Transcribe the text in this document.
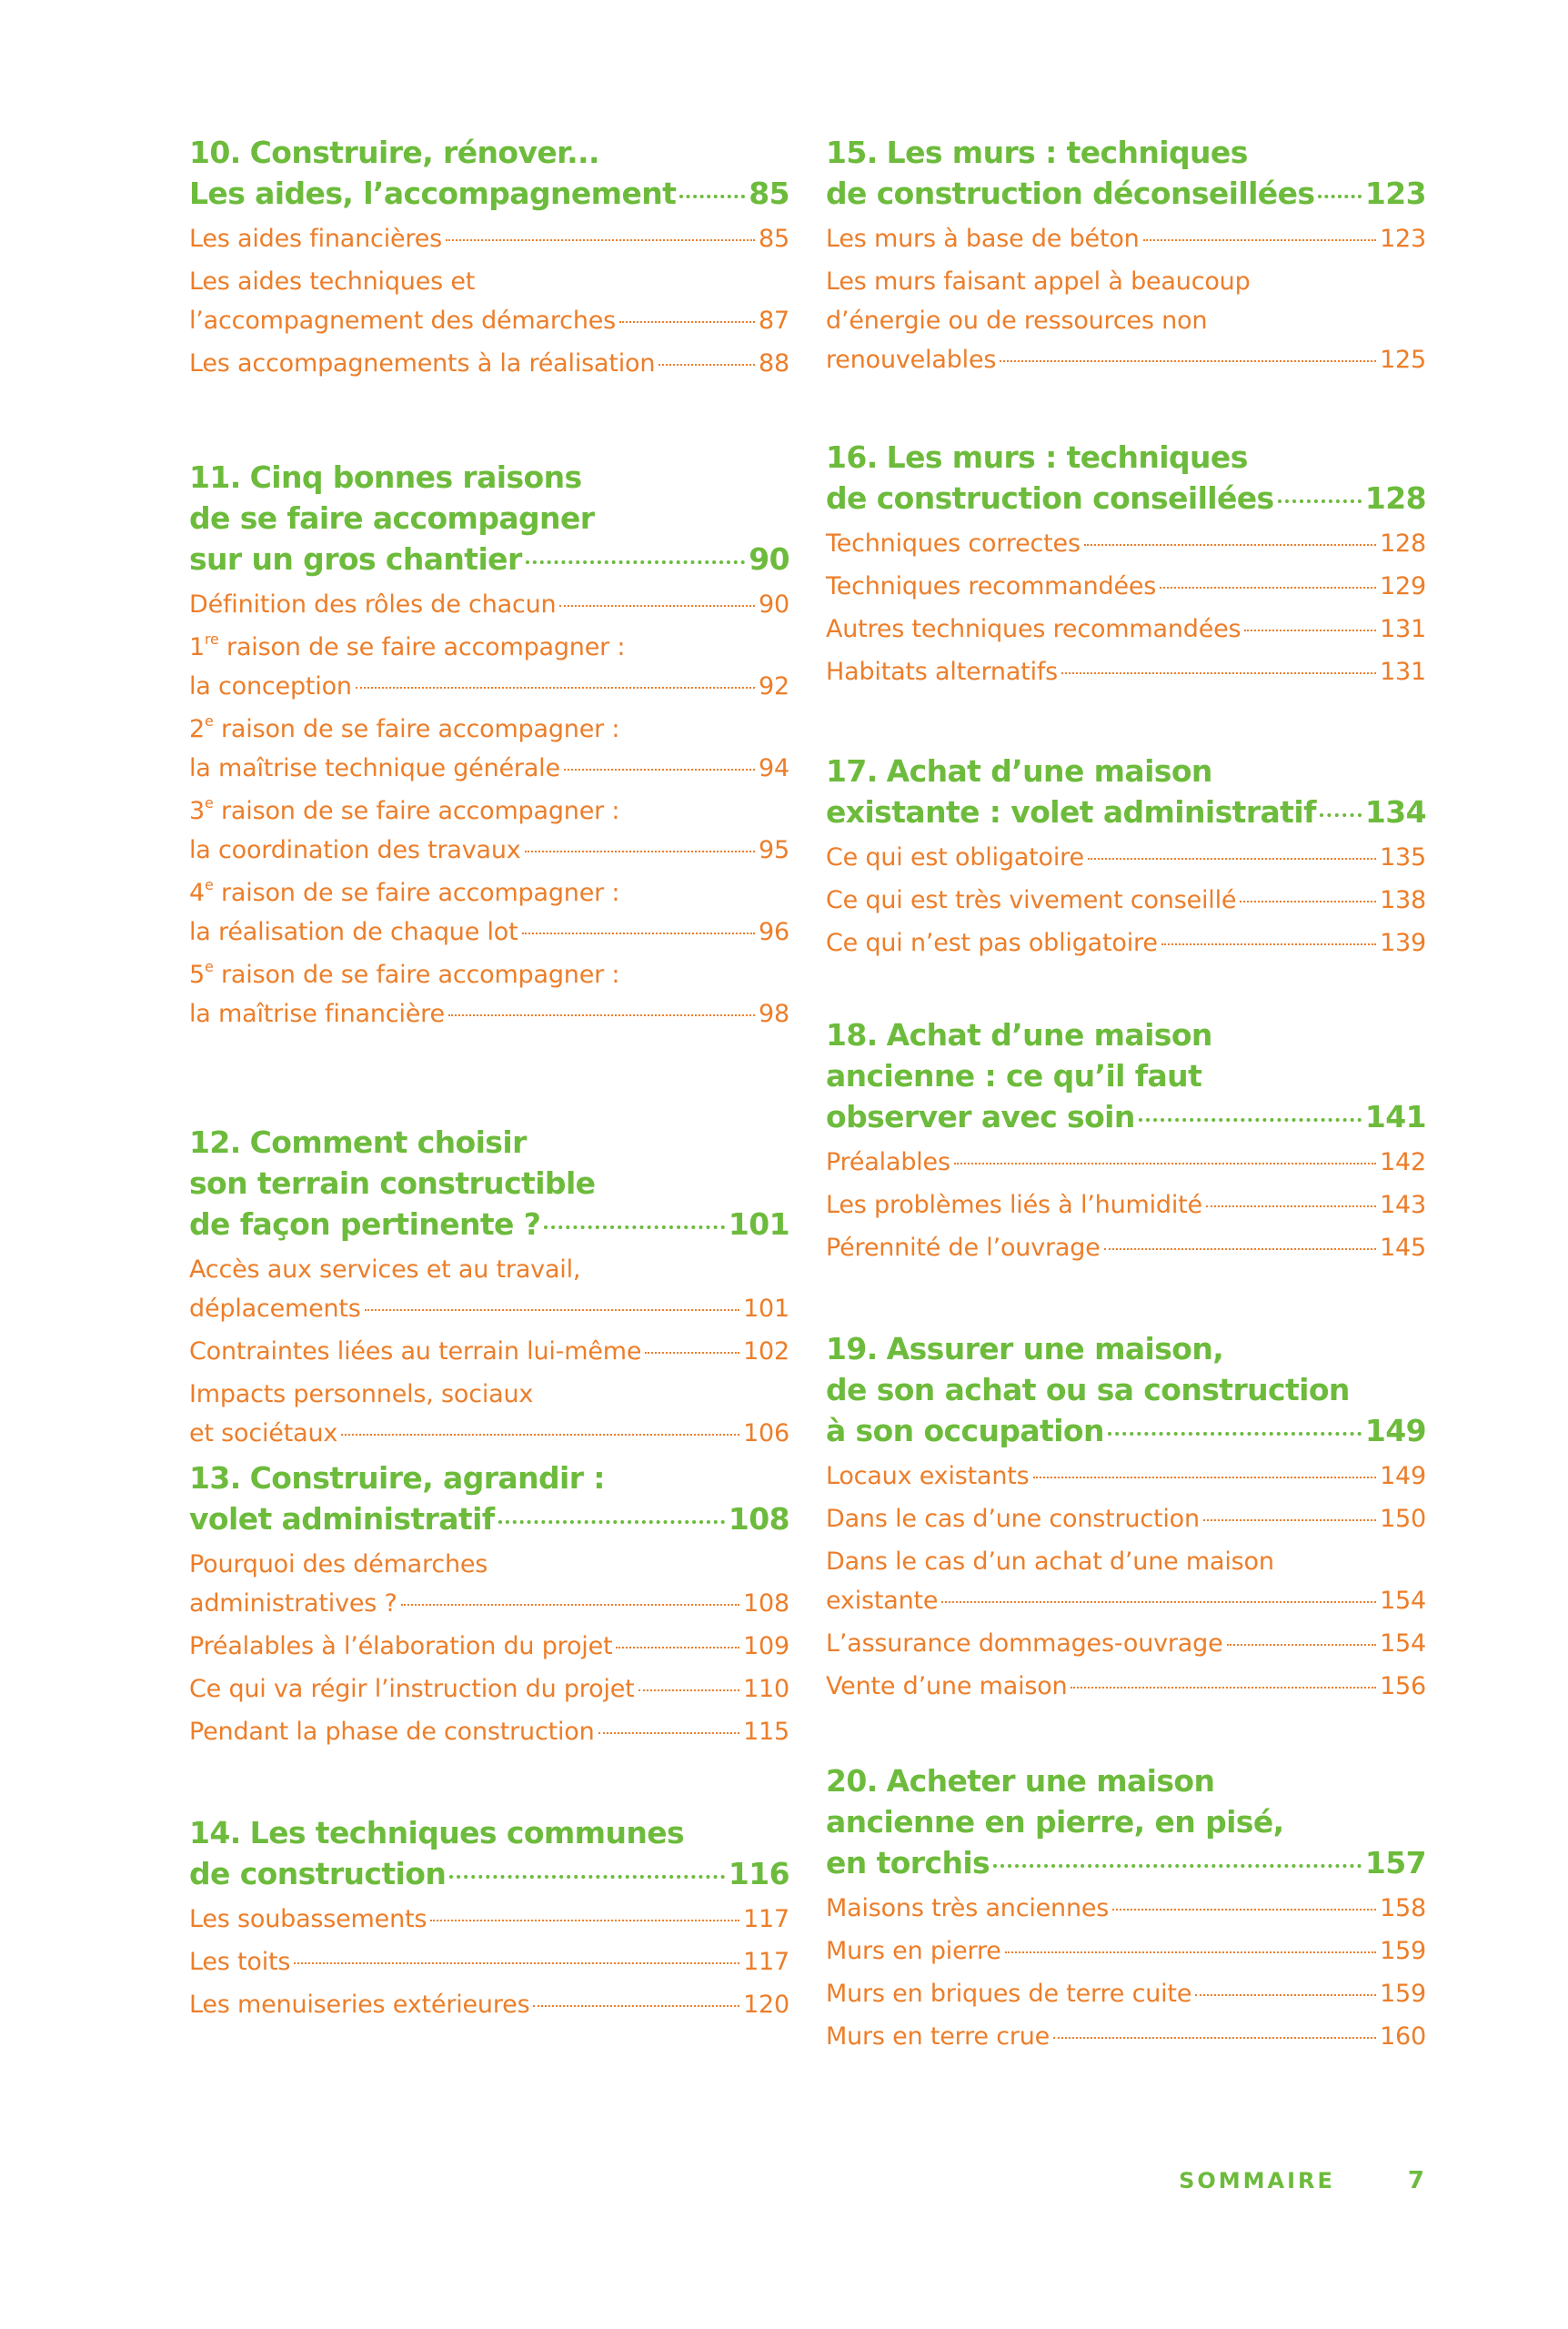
10. Construire, rénover...
Les aides, l’accompagnement 85
Les aides financières	85
Les aides techniques et
l’accompagnement des démarches	87
Les accompagnements à la réalisation	88
11. Cinq bonnes raisons
de se faire accompagner
sur un gros chantier	90
Définition des rôles de chacun	90
1re raison de se faire accompagner :
la conception	92
2e raison de se faire accompagner :
la maîtrise technique générale	94
3e raison de se faire accompagner :
la coordination des travaux	95
4e raison de se faire accompagner :
la réalisation de chaque lot	96
5e raison de se faire accompagner :
la maîtrise financière	98
12. Comment choisir
son terrain constructible
de façon pertinente ?	101
Accès aux services et au travail,
déplacements	101
Contraintes liées au terrain lui-même	102
Impacts personnels, sociaux
et sociétaux	106
13. Construire, agrandir :
volet administratif	108
Pourquoi des démarches
administratives ?	108
Préalables à l’élaboration du projet	109
Ce qui va régir l’instruction du projet	110
Pendant la phase de construction	115
14. Les techniques communes
de construction	116
Les soubassements	117
Les toits	117
Les menuiseries extérieures	120
15. Les murs : techniques
de construction déconseillées 123
Les murs à base de béton	123
Les murs faisant appel à beaucoup
d’énergie ou de ressources non
renouvelables	125
16. Les murs : techniques
de construction conseillées	128
Techniques correctes	128
Techniques recommandées	129
Autres techniques recommandées	131
Habitats alternatifs	131
17. Achat d’une maison
existante : volet administratif 134
Ce qui est obligatoire	135
Ce qui est très vivement conseillé	138
Ce qui n’est pas obligatoire	139
18. Achat d’une maison
ancienne : ce qu’il faut
observer avec soin	141
Préalables	142
Les problèmes liés à l’humidité	143
Pérennité de l’ouvrage	145
19. Assurer une maison,
de son achat ou sa construction
à son occupation	149
Locaux existants	149
Dans le cas d’une construction	150
Dans le cas d’un achat d’une maison
existante	154
L’assurance dommages-ouvrage	154
Vente d’une maison	156
20. Acheter une maison
ancienne en pierre, en pisé,
en torchis	157
Maisons très anciennes	158
Murs en pierre	159
Murs en briques de terre cuite	159
Murs en terre crue	160
SOMMAIRE	7
